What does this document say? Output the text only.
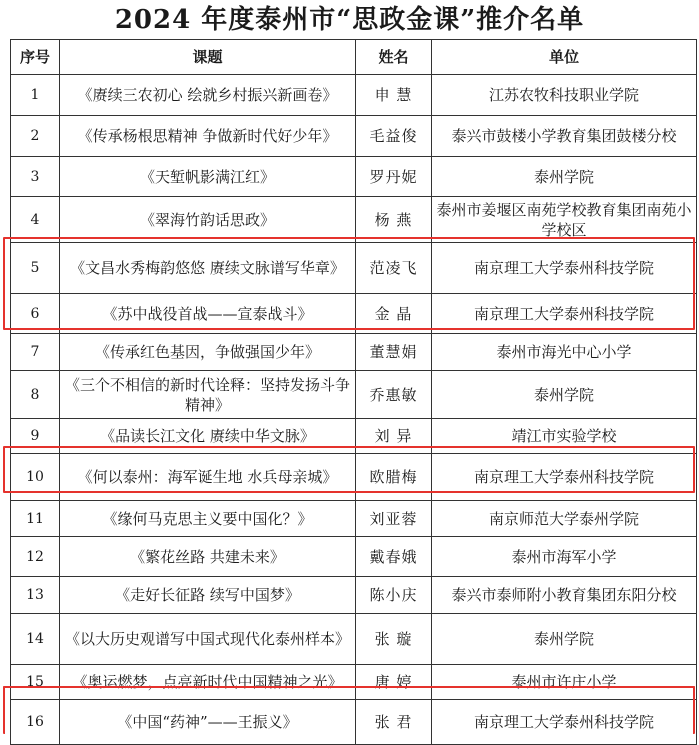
2024 年度泰州市“思政金课”推介名单
序号	课题	姓名	单位
1	《赓续三农初心 绘就乡村振兴新画卷》	申 慧	江苏农牧科技职业学院
2	《传承杨根思精神 争做新时代好少年》	毛益俊	泰兴市鼓楼小学教育集团鼓楼分校
3	《天堑帆影满江红》	罗丹妮	泰州学院
4	《翠海竹韵话思政》	杨 燕	泰州市姜堰区南苑学校教育集团南苑小学校区
5	《文昌水秀梅韵悠悠 赓续文脉谱写华章》	范凌飞	南京理工大学泰州科技学院
6	《苏中战役首战——宣泰战斗》	金 晶	南京理工大学泰州科技学院
7	《传承红色基因，争做强国少年》	董慧娟	泰州市海光中心小学
8	《三个不相信的新时代诠释：坚持发扬斗争精神》	乔惠敏	泰州学院
9	《品读长江文化 赓续中华文脉》	刘 异	靖江市实验学校
10	《何以泰州：海军诞生地 水兵母亲城》	欧腊梅	南京理工大学泰州科技学院
11	《缘何马克思主义要中国化？》	刘亚蓉	南京师范大学泰州学院
12	《繁花丝路 共建未来》	戴春娥	泰州市海军小学
13	《走好长征路 续写中国梦》	陈小庆	泰兴市泰师附小教育集团东阳分校
14	《以大历史观谱写中国式现代化泰州样本》	张 璇	泰州学院
15	《奥运燃梦，点亮新时代中国精神之光》	唐 婷	泰州市许庄小学
16	《中国“药神”——王振义》	张 君	南京理工大学泰州科技学院
